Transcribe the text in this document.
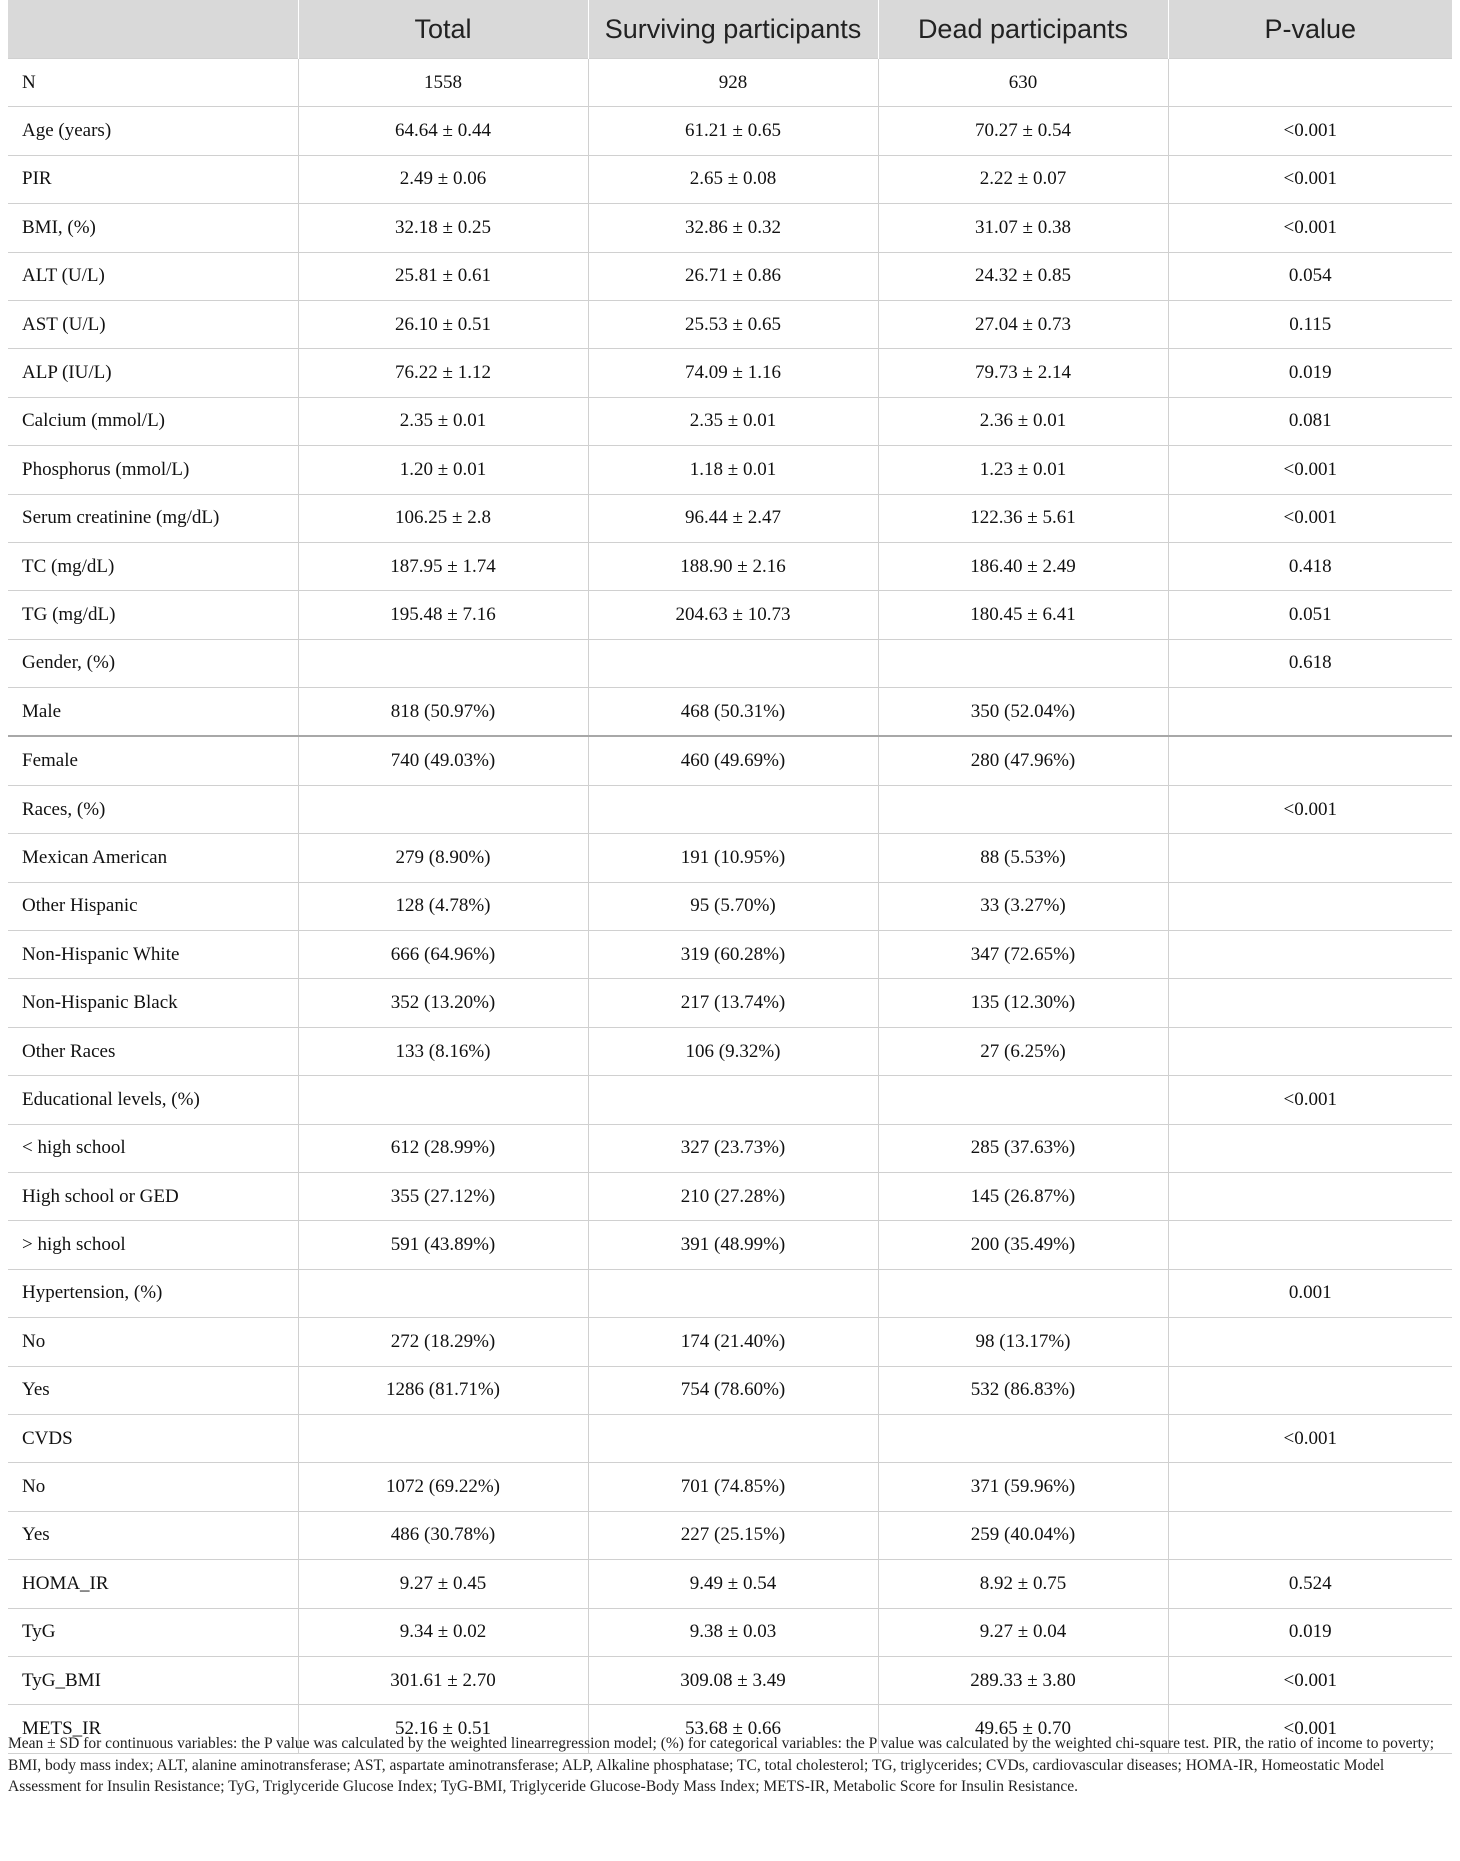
	Total	Surviving participants	Dead participants	P-value
N	1558	928	630	
Age (years)	64.64 ± 0.44	61.21 ± 0.65	70.27 ± 0.54	<0.001
PIR	2.49 ± 0.06	2.65 ± 0.08	2.22 ± 0.07	<0.001
BMI, (%)	32.18 ± 0.25	32.86 ± 0.32	31.07 ± 0.38	<0.001
ALT (U/L)	25.81 ± 0.61	26.71 ± 0.86	24.32 ± 0.85	0.054
AST (U/L)	26.10 ± 0.51	25.53 ± 0.65	27.04 ± 0.73	0.115
ALP (IU/L)	76.22 ± 1.12	74.09 ± 1.16	79.73 ± 2.14	0.019
Calcium (mmol/L)	2.35 ± 0.01	2.35 ± 0.01	2.36 ± 0.01	0.081
Phosphorus (mmol/L)	1.20 ± 0.01	1.18 ± 0.01	1.23 ± 0.01	<0.001
Serum creatinine (mg/dL)	106.25 ± 2.8	96.44 ± 2.47	122.36 ± 5.61	<0.001
TC (mg/dL)	187.95 ± 1.74	188.90 ± 2.16	186.40 ± 2.49	0.418
TG (mg/dL)	195.48 ± 7.16	204.63 ± 10.73	180.45 ± 6.41	0.051
Gender, (%)				0.618
Male	818 (50.97%)	468 (50.31%)	350 (52.04%)	
Female	740 (49.03%)	460 (49.69%)	280 (47.96%)	
Races, (%)				<0.001
Mexican American	279 (8.90%)	191 (10.95%)	88 (5.53%)	
Other Hispanic	128 (4.78%)	95 (5.70%)	33 (3.27%)	
Non-Hispanic White	666 (64.96%)	319 (60.28%)	347 (72.65%)	
Non-Hispanic Black	352 (13.20%)	217 (13.74%)	135 (12.30%)	
Other Races	133 (8.16%)	106 (9.32%)	27 (6.25%)	
Educational levels, (%)				<0.001
< high school	612 (28.99%)	327 (23.73%)	285 (37.63%)	
High school or GED	355 (27.12%)	210 (27.28%)	145 (26.87%)	
> high school	591 (43.89%)	391 (48.99%)	200 (35.49%)	
Hypertension, (%)				0.001
No	272 (18.29%)	174 (21.40%)	98 (13.17%)	
Yes	1286 (81.71%)	754 (78.60%)	532 (86.83%)	
CVDS				<0.001
No	1072 (69.22%)	701 (74.85%)	371 (59.96%)	
Yes	486 (30.78%)	227 (25.15%)	259 (40.04%)	
HOMA_IR	9.27 ± 0.45	9.49 ± 0.54	8.92 ± 0.75	0.524
TyG	9.34 ± 0.02	9.38 ± 0.03	9.27 ± 0.04	0.019
TyG_BMI	301.61 ± 2.70	309.08 ± 3.49	289.33 ± 3.80	<0.001
METS_IR	52.16 ± 0.51	53.68 ± 0.66	49.65 ± 0.70	<0.001

Mean ± SD for continuous variables: the P value was calculated by the weighted linearregression model; (%) for categorical variables: the P value was calculated by the weighted chi-square test. PIR, the ratio of income to poverty; BMI, body mass index; ALT, alanine aminotransferase; AST, aspartate aminotransferase; ALP, Alkaline phosphatase; TC, total cholesterol; TG, triglycerides; CVDs, cardiovascular diseases; HOMA-IR, Homeostatic Model Assessment for Insulin Resistance; TyG, Triglyceride Glucose Index; TyG-BMI, Triglyceride Glucose-Body Mass Index; METS-IR, Metabolic Score for Insulin Resistance.
